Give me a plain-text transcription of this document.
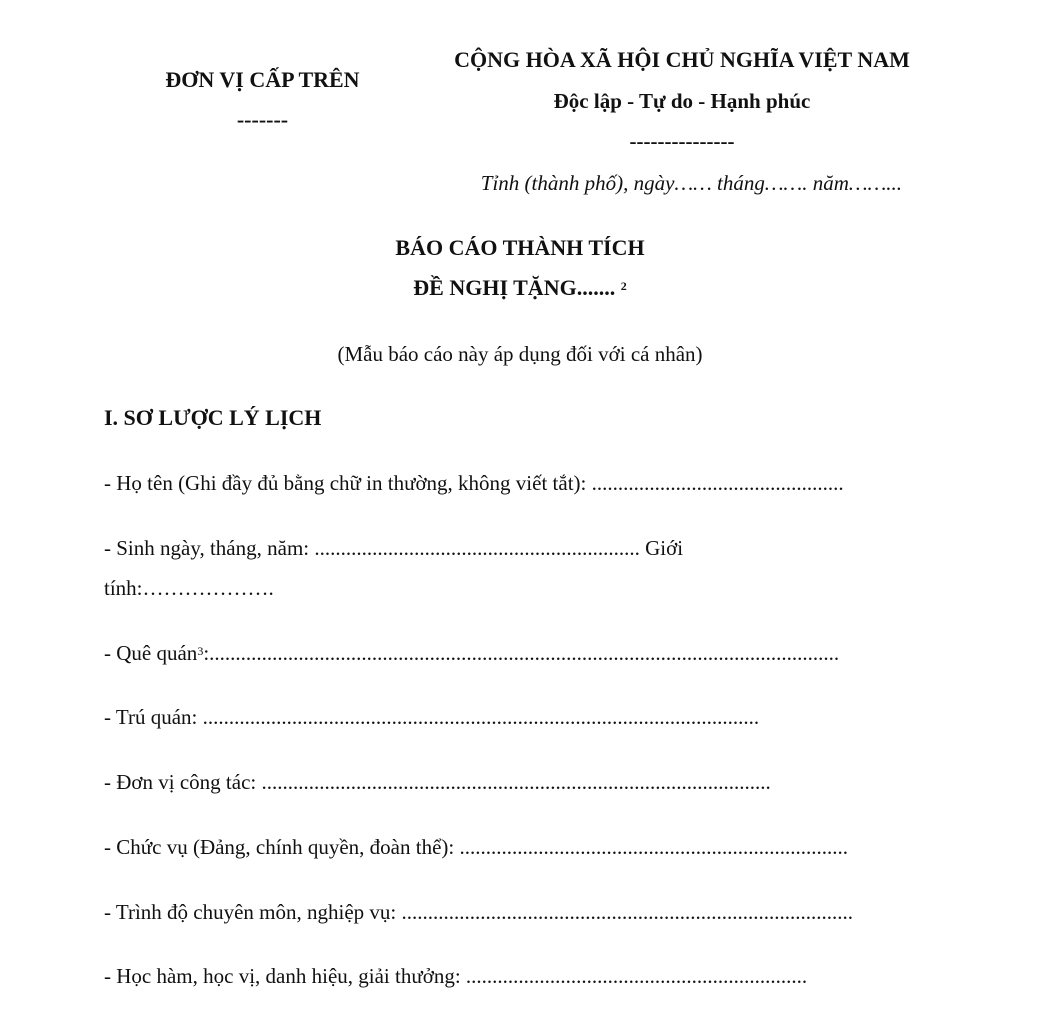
ĐƠN VỊ CẤP TRÊN
-------
CỘNG HÒA XÃ HỘI CHỦ NGHĨA VIỆT NAM
Độc lập - Tự do - Hạnh phúc
---------------
Tỉnh (thành phố), ngày…… tháng……. năm……...
BÁO CÁO THÀNH TÍCH
ĐỀ NGHỊ TẶNG....... $^2$
(Mẫu báo cáo này áp dụng đối với cá nhân)
I. SƠ LƯỢC LÝ LỊCH
- Họ tên (Ghi đầy đủ bằng chữ in thường, không viết tắt): ................................................
- Sinh ngày, tháng, năm: .............................................................. Giới
tính:……………….
- Quê quán$^3$:........................................................................................................................
- Trú quán: ..........................................................................................................
- Đơn vị công tác: .................................................................................................
- Chức vụ (Đảng, chính quyền, đoàn thể): ..........................................................................
- Trình độ chuyên môn, nghiệp vụ: ......................................................................................
- Học hàm, học vị, danh hiệu, giải thưởng: .................................................................
